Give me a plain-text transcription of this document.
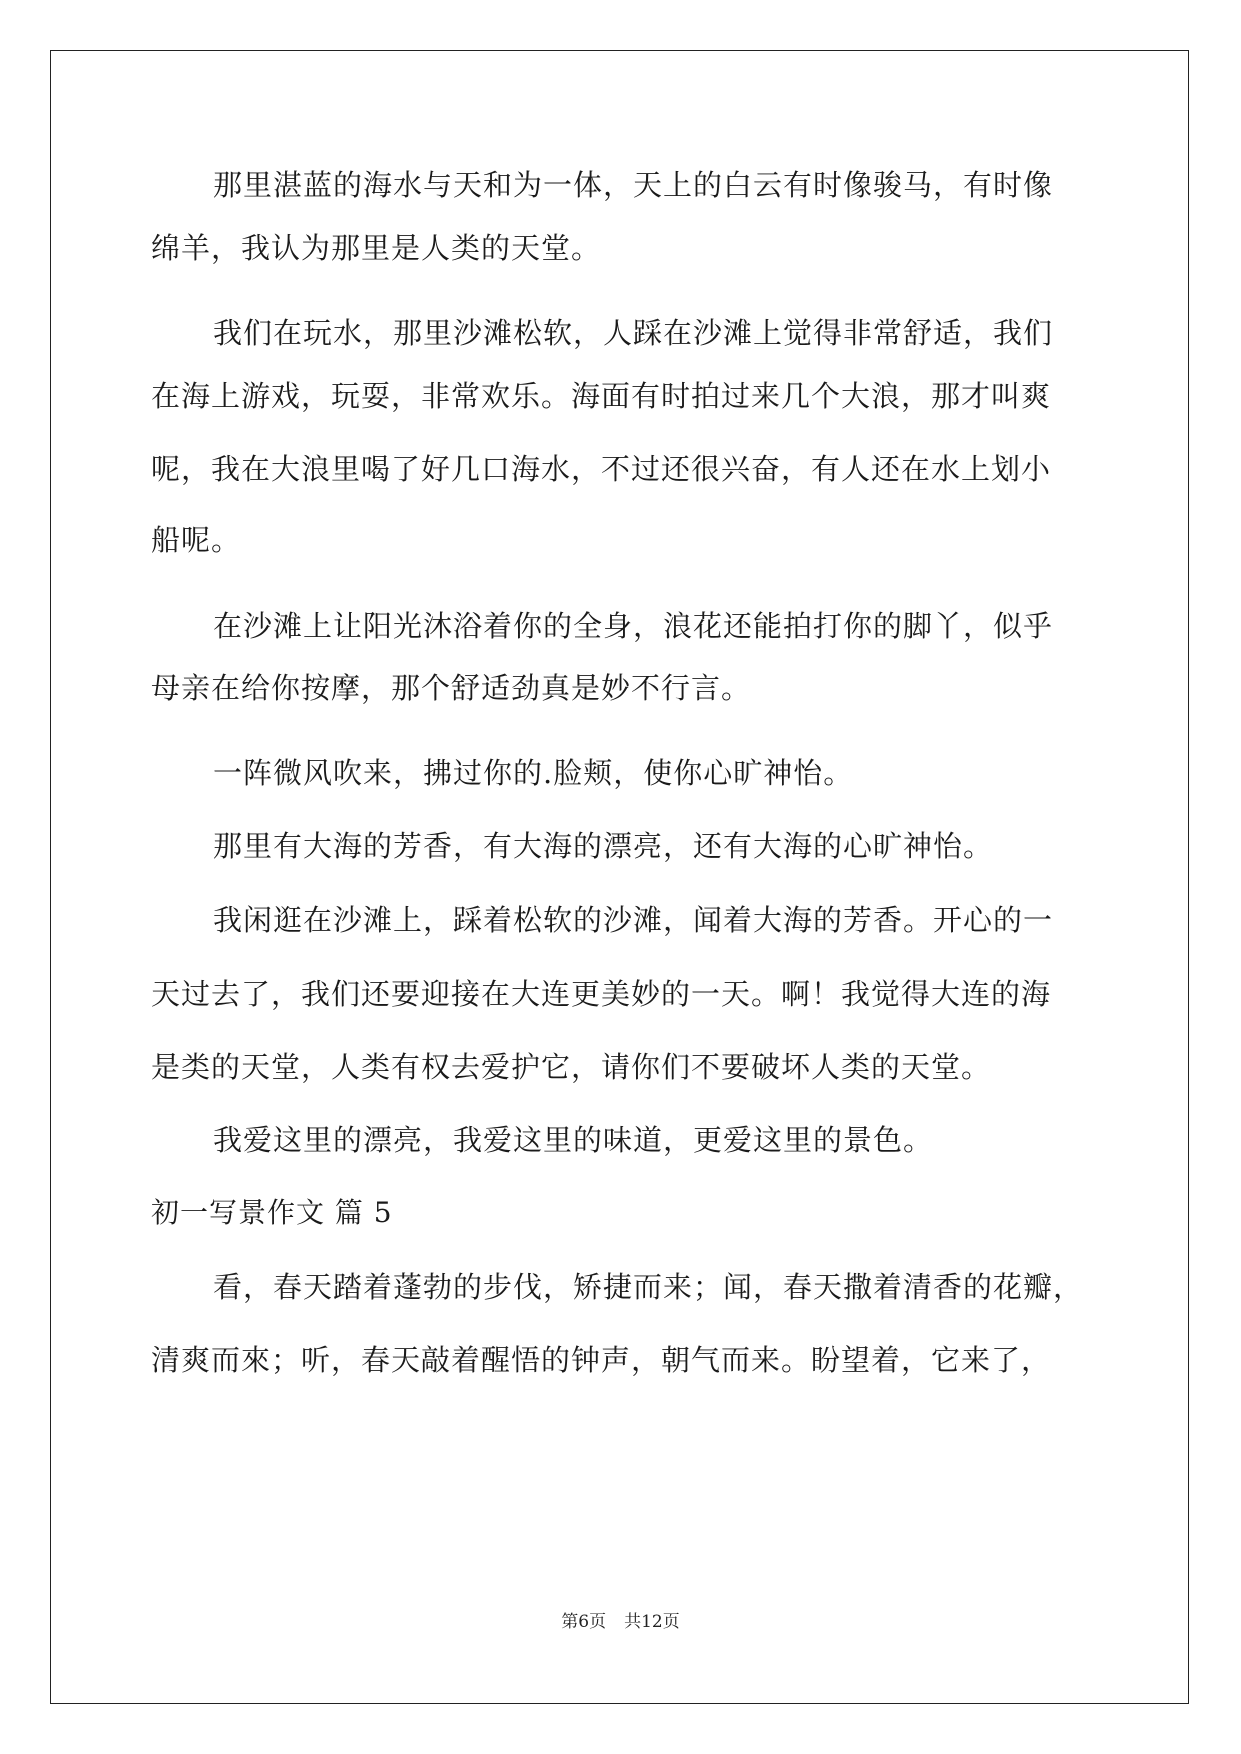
那里湛蓝的海水与天和为一体，天上的白云有时像骏马，有时像
绵羊，我认为那里是人类的天堂。
我们在玩水，那里沙滩松软，人踩在沙滩上觉得非常舒适，我们
在海上游戏，玩耍，非常欢乐。海面有时拍过来几个大浪，那才叫爽
呢，我在大浪里喝了好几口海水，不过还很兴奋，有人还在水上划小
船呢。
在沙滩上让阳光沐浴着你的全身，浪花还能拍打你的脚丫，似乎
母亲在给你按摩，那个舒适劲真是妙不行言。
一阵微风吹来，拂过你的.脸颊，使你心旷神怡。
那里有大海的芳香，有大海的漂亮，还有大海的心旷神怡。
我闲逛在沙滩上，踩着松软的沙滩，闻着大海的芳香。开心的一
天过去了，我们还要迎接在大连更美妙的一天。啊！我觉得大连的海
是类的天堂，人类有权去爱护它，请你们不要破坏人类的天堂。
我爱这里的漂亮，我爱这里的味道，更爱这里的景色。
初一写景作文 篇 5
看，春天踏着蓬勃的步伐，矫捷而来；闻，春天撒着清香的花瓣，
清爽而來；听，春天敲着醒悟的钟声，朝气而来。盼望着，它来了，
第6页 共12页
